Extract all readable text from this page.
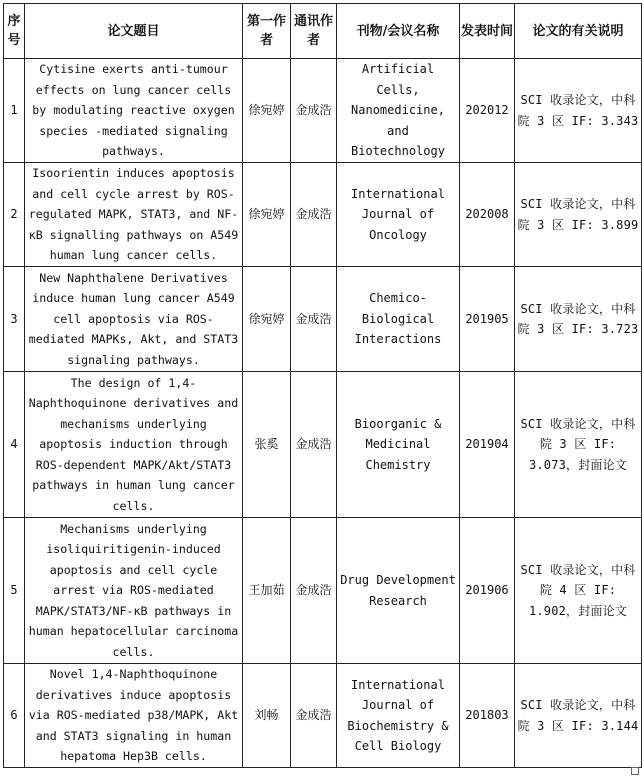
序号	论文题目	第一作者	通讯作者	刊物/会议名称	发表时间	论文的有关说明
1	Cytisine exerts anti-tumour effects on lung cancer cells by modulating reactive oxygen species -mediated signaling pathways.	徐宛婷	金成浩	Artificial Cells, Nanomedicine, and Biotechnology	202012	SCI 收录论文，中科院 3 区 IF: 3.343
2	Isoorientin induces apoptosis and cell cycle arrest by ROS-regulated MAPK, STAT3, and NF-κB signalling pathways on A549 human lung cancer cells.	徐宛婷	金成浩	International Journal of Oncology	202008	SCI 收录论文，中科院 3 区 IF: 3.899
3	New Naphthalene Derivatives induce human lung cancer A549 cell apoptosis via ROS-mediated MAPKs, Akt, and STAT3 signaling pathways.	徐宛婷	金成浩	Chemico-Biological Interactions	201905	SCI 收录论文，中科院 3 区 IF: 3.723
4	The design of 1,4-Naphthoquinone derivatives and mechanisms underlying apoptosis induction through ROS-dependent MAPK/Akt/STAT3 pathways in human lung cancer cells.	张奚	金成浩	Bioorganic & Medicinal Chemistry	201904	SCI 收录论文，中科院 3 区 IF: 3.073，封面论文
5	Mechanisms underlying isoliquiritigenin-induced apoptosis and cell cycle arrest via ROS-mediated MAPK/STAT3/NF-κB pathways in human hepatocellular carcinoma cells.	王加茹	金成浩	Drug Development Research	201906	SCI 收录论文，中科院 4 区 IF: 1.902，封面论文
6	Novel 1,4-Naphthoquinone derivatives induce apoptosis via ROS-mediated p38/MAPK, Akt and STAT3 signaling in human hepatoma Hep3B cells.	刘畅	金成浩	International Journal of Biochemistry & Cell Biology	201803	SCI 收录论文，中科院 3 区 IF: 3.144
